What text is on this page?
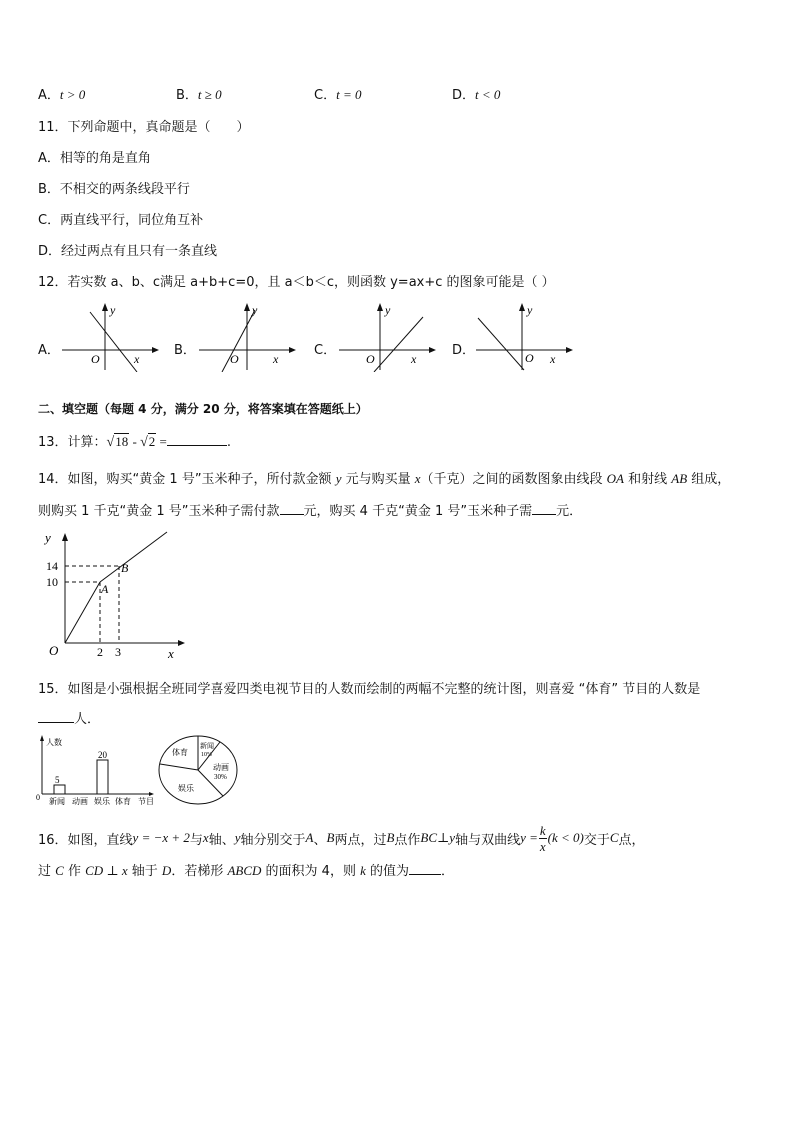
A．t > 0	B．t ≥ 0	C．t = 0	D．t < 0
11．下列命题中，真命题是（　　）
A．相等的角是直角
B．不相交的两条线段平行
C．两直线平行，同位角互补
D．经过两点有且只有一条直线
12．若实数 a、b、c满足 a+b+c=0，且 a＜b＜c，则函数 y=ax+c 的图象可能是（ ）
A．
y
x
O
B．
y
x
O
C．
y
x
O
D．
y
x
O
二、填空题（每题 4 分，满分 20 分，将答案填在答题纸上）
13．计算：√18 - √2 =	.
14．如图，购买“黄金 1 号”玉米种子，所付款金额 y 元与购买量 x（千克）之间的函数图象由线段 OA 和射线 AB 组成，
则购买 1 千克“黄金 1 号”玉米种子需付款 元，购买 4 千克“黄金 1 号”玉米种子需 元．
y
x
O
14
10
2 3
A
B
15．如图是小强根据全班同学喜爱四类电视节目的人数而绘制的两幅不完整的统计图，则喜爱 “体育” 节目的人数是
人．
5
20
人数
0 新闻 动画 娱乐 体育 节目
体育
新闻
10%
动画
30%
娱乐
16．如图，直线 y = −x + 2 与 x 轴、 y 轴分别交于 A 、 B 两点，过 B 点作 BC ⊥ y 轴与双曲线 $y = \frac{k}{x} (k < 0)$ 交于 C 点，
过 C 作 CD ⊥ x 轴于 D．若梯形 ABCD 的面积为 4，则 k 的值为 ．
